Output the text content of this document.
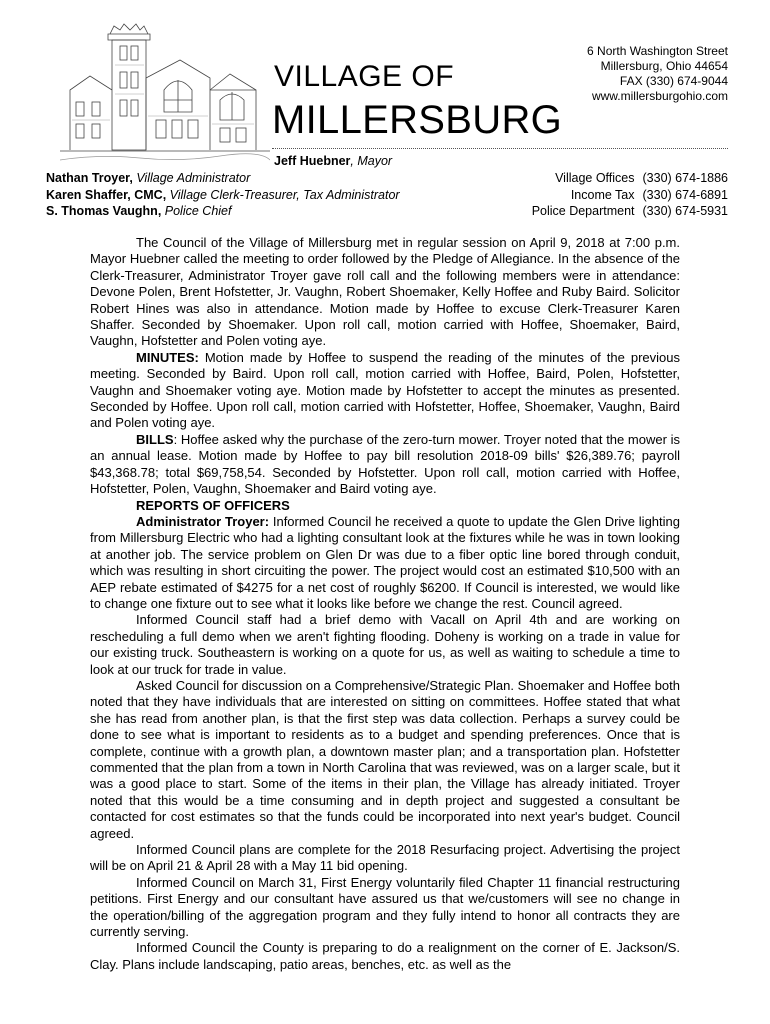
VILLAGE OF
MILLERSBURG
6 North Washington Street
Millersburg, Ohio 44654
FAX (330) 674-9044
www.millersburgohio.com
Jeff Huebner, Mayor
Nathan Troyer, Village Administrator
Karen Shaffer, CMC, Village Clerk-Treasurer, Tax Administrator
S. Thomas Vaughn, Police Chief
Village Offices	(330) 674-1886
Income Tax	(330) 674-6891
Police Department	(330) 674-5931

The Council of the Village of Millersburg met in regular session on April 9, 2018 at 7:00 p.m. Mayor Huebner called the meeting to order followed by the Pledge of Allegiance. In the absence of the Clerk-Treasurer, Administrator Troyer gave roll call and the following members were in attendance: Devone Polen, Brent Hofstetter, Jr. Vaughn, Robert Shoemaker, Kelly Hoffee and Ruby Baird. Solicitor Robert Hines was also in attendance. Motion made by Hoffee to excuse Clerk-Treasurer Karen Shaffer. Seconded by Shoemaker. Upon roll call, motion carried with Hoffee, Shoemaker, Baird, Vaughn, Hofstetter and Polen voting aye.

MINUTES: Motion made by Hoffee to suspend the reading of the minutes of the previous meeting. Seconded by Baird. Upon roll call, motion carried with Hoffee, Baird, Polen, Hofstetter, Vaughn and Shoemaker voting aye. Motion made by Hofstetter to accept the minutes as presented. Seconded by Hoffee. Upon roll call, motion carried with Hofstetter, Hoffee, Shoemaker, Vaughn, Baird and Polen voting aye.

BILLS: Hoffee asked why the purchase of the zero-turn mower. Troyer noted that the mower is an annual lease. Motion made by Hoffee to pay bill resolution 2018-09 bills' $26,389.76; payroll $43,368.78; total $69,758,54. Seconded by Hofstetter. Upon roll call, motion carried with Hoffee, Hofstetter, Polen, Vaughn, Shoemaker and Baird voting aye.

REPORTS OF OFFICERS

Administrator Troyer: Informed Council he received a quote to update the Glen Drive lighting from Millersburg Electric who had a lighting consultant look at the fixtures while he was in town looking at another job. The service problem on Glen Dr was due to a fiber optic line bored through conduit, which was resulting in short circuiting the power. The project would cost an estimated $10,500 with an AEP rebate estimated of $4275 for a net cost of roughly $6200. If Council is interested, we would like to change one fixture out to see what it looks like before we change the rest. Council agreed.

Informed Council staff had a brief demo with Vacall on April 4th and are working on rescheduling a full demo when we aren't fighting flooding. Doheny is working on a trade in value for our existing truck. Southeastern is working on a quote for us, as well as waiting to schedule a time to look at our truck for trade in value.

Asked Council for discussion on a Comprehensive/Strategic Plan. Shoemaker and Hoffee both noted that they have individuals that are interested on sitting on committees. Hoffee stated that what she has read from another plan, is that the first step was data collection. Perhaps a survey could be done to see what is important to residents as to a budget and spending preferences. Once that is complete, continue with a growth plan, a downtown master plan; and a transportation plan. Hofstetter commented that the plan from a town in North Carolina that was reviewed, was on a larger scale, but it was a good place to start. Some of the items in their plan, the Village has already initiated. Troyer noted that this would be a time consuming and in depth project and suggested a consultant be contacted for cost estimates so that the funds could be incorporated into next year's budget. Council agreed.

Informed Council plans are complete for the 2018 Resurfacing project. Advertising the project will be on April 21 & April 28 with a May 11 bid opening.

Informed Council on March 31, First Energy voluntarily filed Chapter 11 financial restructuring petitions. First Energy and our consultant have assured us that we/customers will see no change in the operation/billing of the aggregation program and they fully intend to honor all contracts they are currently serving.

Informed Council the County is preparing to do a realignment on the corner of E. Jackson/S. Clay. Plans include landscaping, patio areas, benches, etc. as well as the
